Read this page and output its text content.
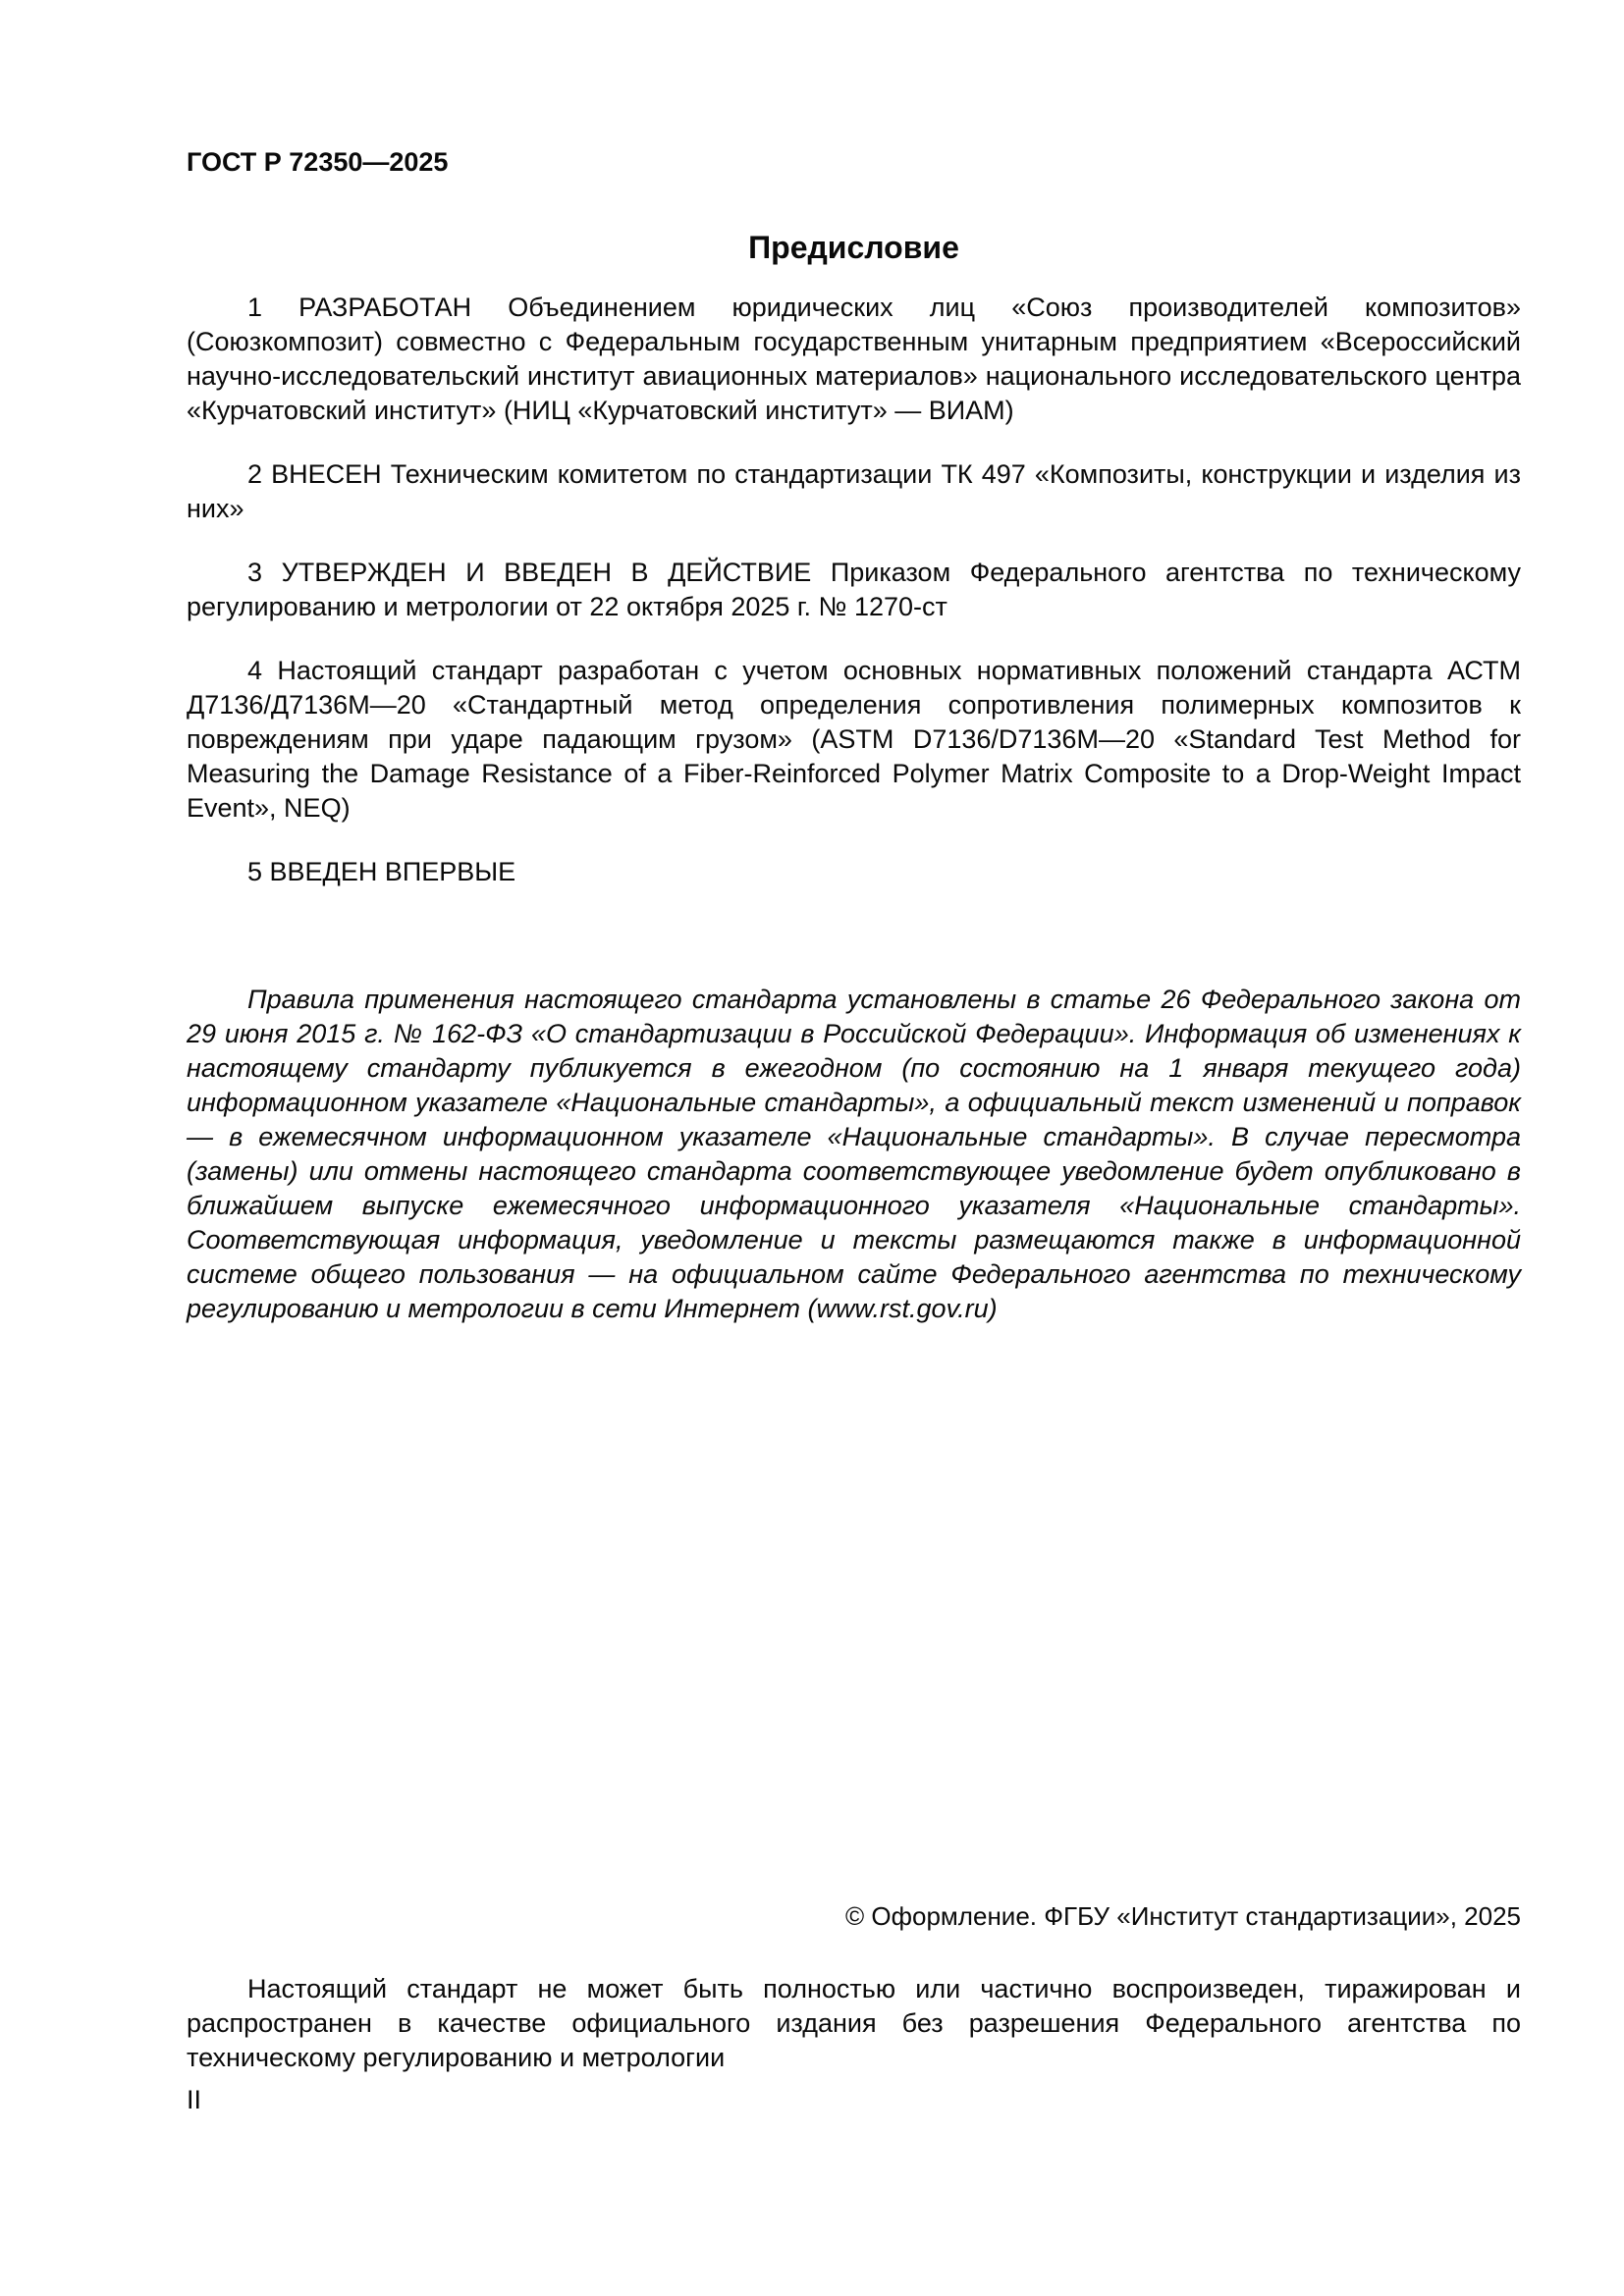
ГОСТ Р 72350—2025
Предисловие

1 РАЗРАБОТАН Объединением юридических лиц «Союз производителей композитов» (Союзкомпозит) совместно с Федеральным государственным унитарным предприятием «Всероссийский научно-исследовательский институт авиационных материалов» национального исследовательского центра «Курчатовский институт» (НИЦ «Курчатовский институт» — ВИАМ)

2 ВНЕСЕН Техническим комитетом по стандартизации ТК 497 «Композиты, конструкции и изделия из них»

3 УТВЕРЖДЕН И ВВЕДЕН В ДЕЙСТВИЕ Приказом Федерального агентства по техническому регулированию и метрологии от 22 октября 2025 г. № 1270-ст

4 Настоящий стандарт разработан с учетом основных нормативных положений стандарта АСТМ Д7136/Д7136М—20 «Стандартный метод определения сопротивления полимерных композитов к повреждениям при ударе падающим грузом» (ASTM D7136/D7136M—20 «Standard Test Method for Measuring the Damage Resistance of a Fiber-Reinforced Polymer Matrix Composite to a Drop-Weight Impact Event», NEQ)

5 ВВЕДЕН ВПЕРВЫЕ

Правила применения настоящего стандарта установлены в статье 26 Федерального закона от 29 июня 2015 г. № 162-ФЗ «О стандартизации в Российской Федерации». Информация об изменениях к настоящему стандарту публикуется в ежегодном (по состоянию на 1 января текущего года) информационном указателе «Национальные стандарты», а официальный текст изменений и поправок — в ежемесячном информационном указателе «Национальные стандарты». В случае пересмотра (замены) или отмены настоящего стандарта соответствующее уведомление будет опубликовано в ближайшем выпуске ежемесячного информационного указателя «Национальные стандарты». Соответствующая информация, уведомление и тексты размещаются также в информационной системе общего пользования — на официальном сайте Федерального агентства по техническому регулированию и метрологии в сети Интернет (www.rst.gov.ru)

© Оформление. ФГБУ «Институт стандартизации», 2025

Настоящий стандарт не может быть полностью или частично воспроизведен, тиражирован и распространен в качестве официального издания без разрешения Федерального агентства по техническому регулированию и метрологии

II
